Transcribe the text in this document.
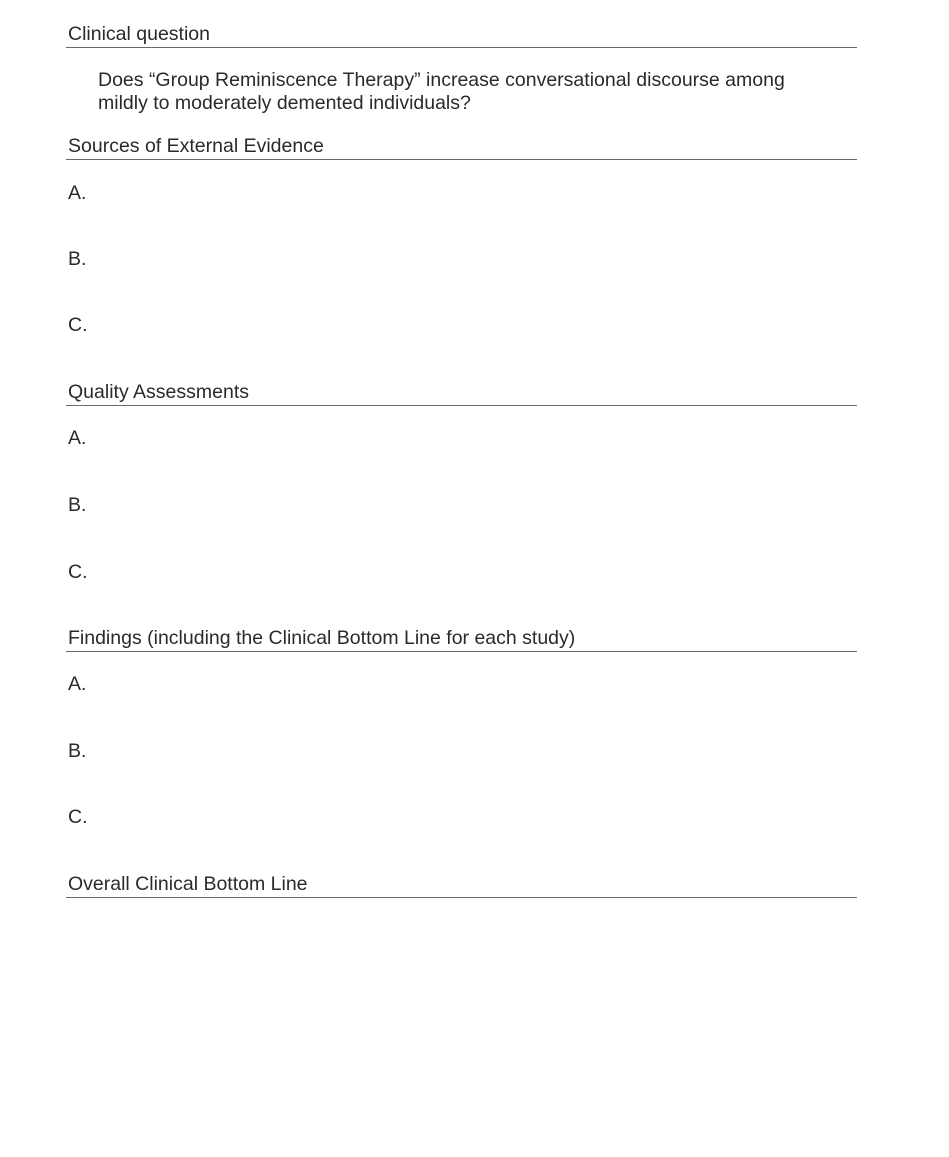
Clinical question
Does “Group Reminiscence Therapy” increase conversational discourse among mildly to moderately demented individuals?
Sources of External Evidence
A.
B.
C.
Quality Assessments
A.
B.
C.
Findings (including the Clinical Bottom Line for each study)
A.
B.
C.
Overall Clinical Bottom Line
